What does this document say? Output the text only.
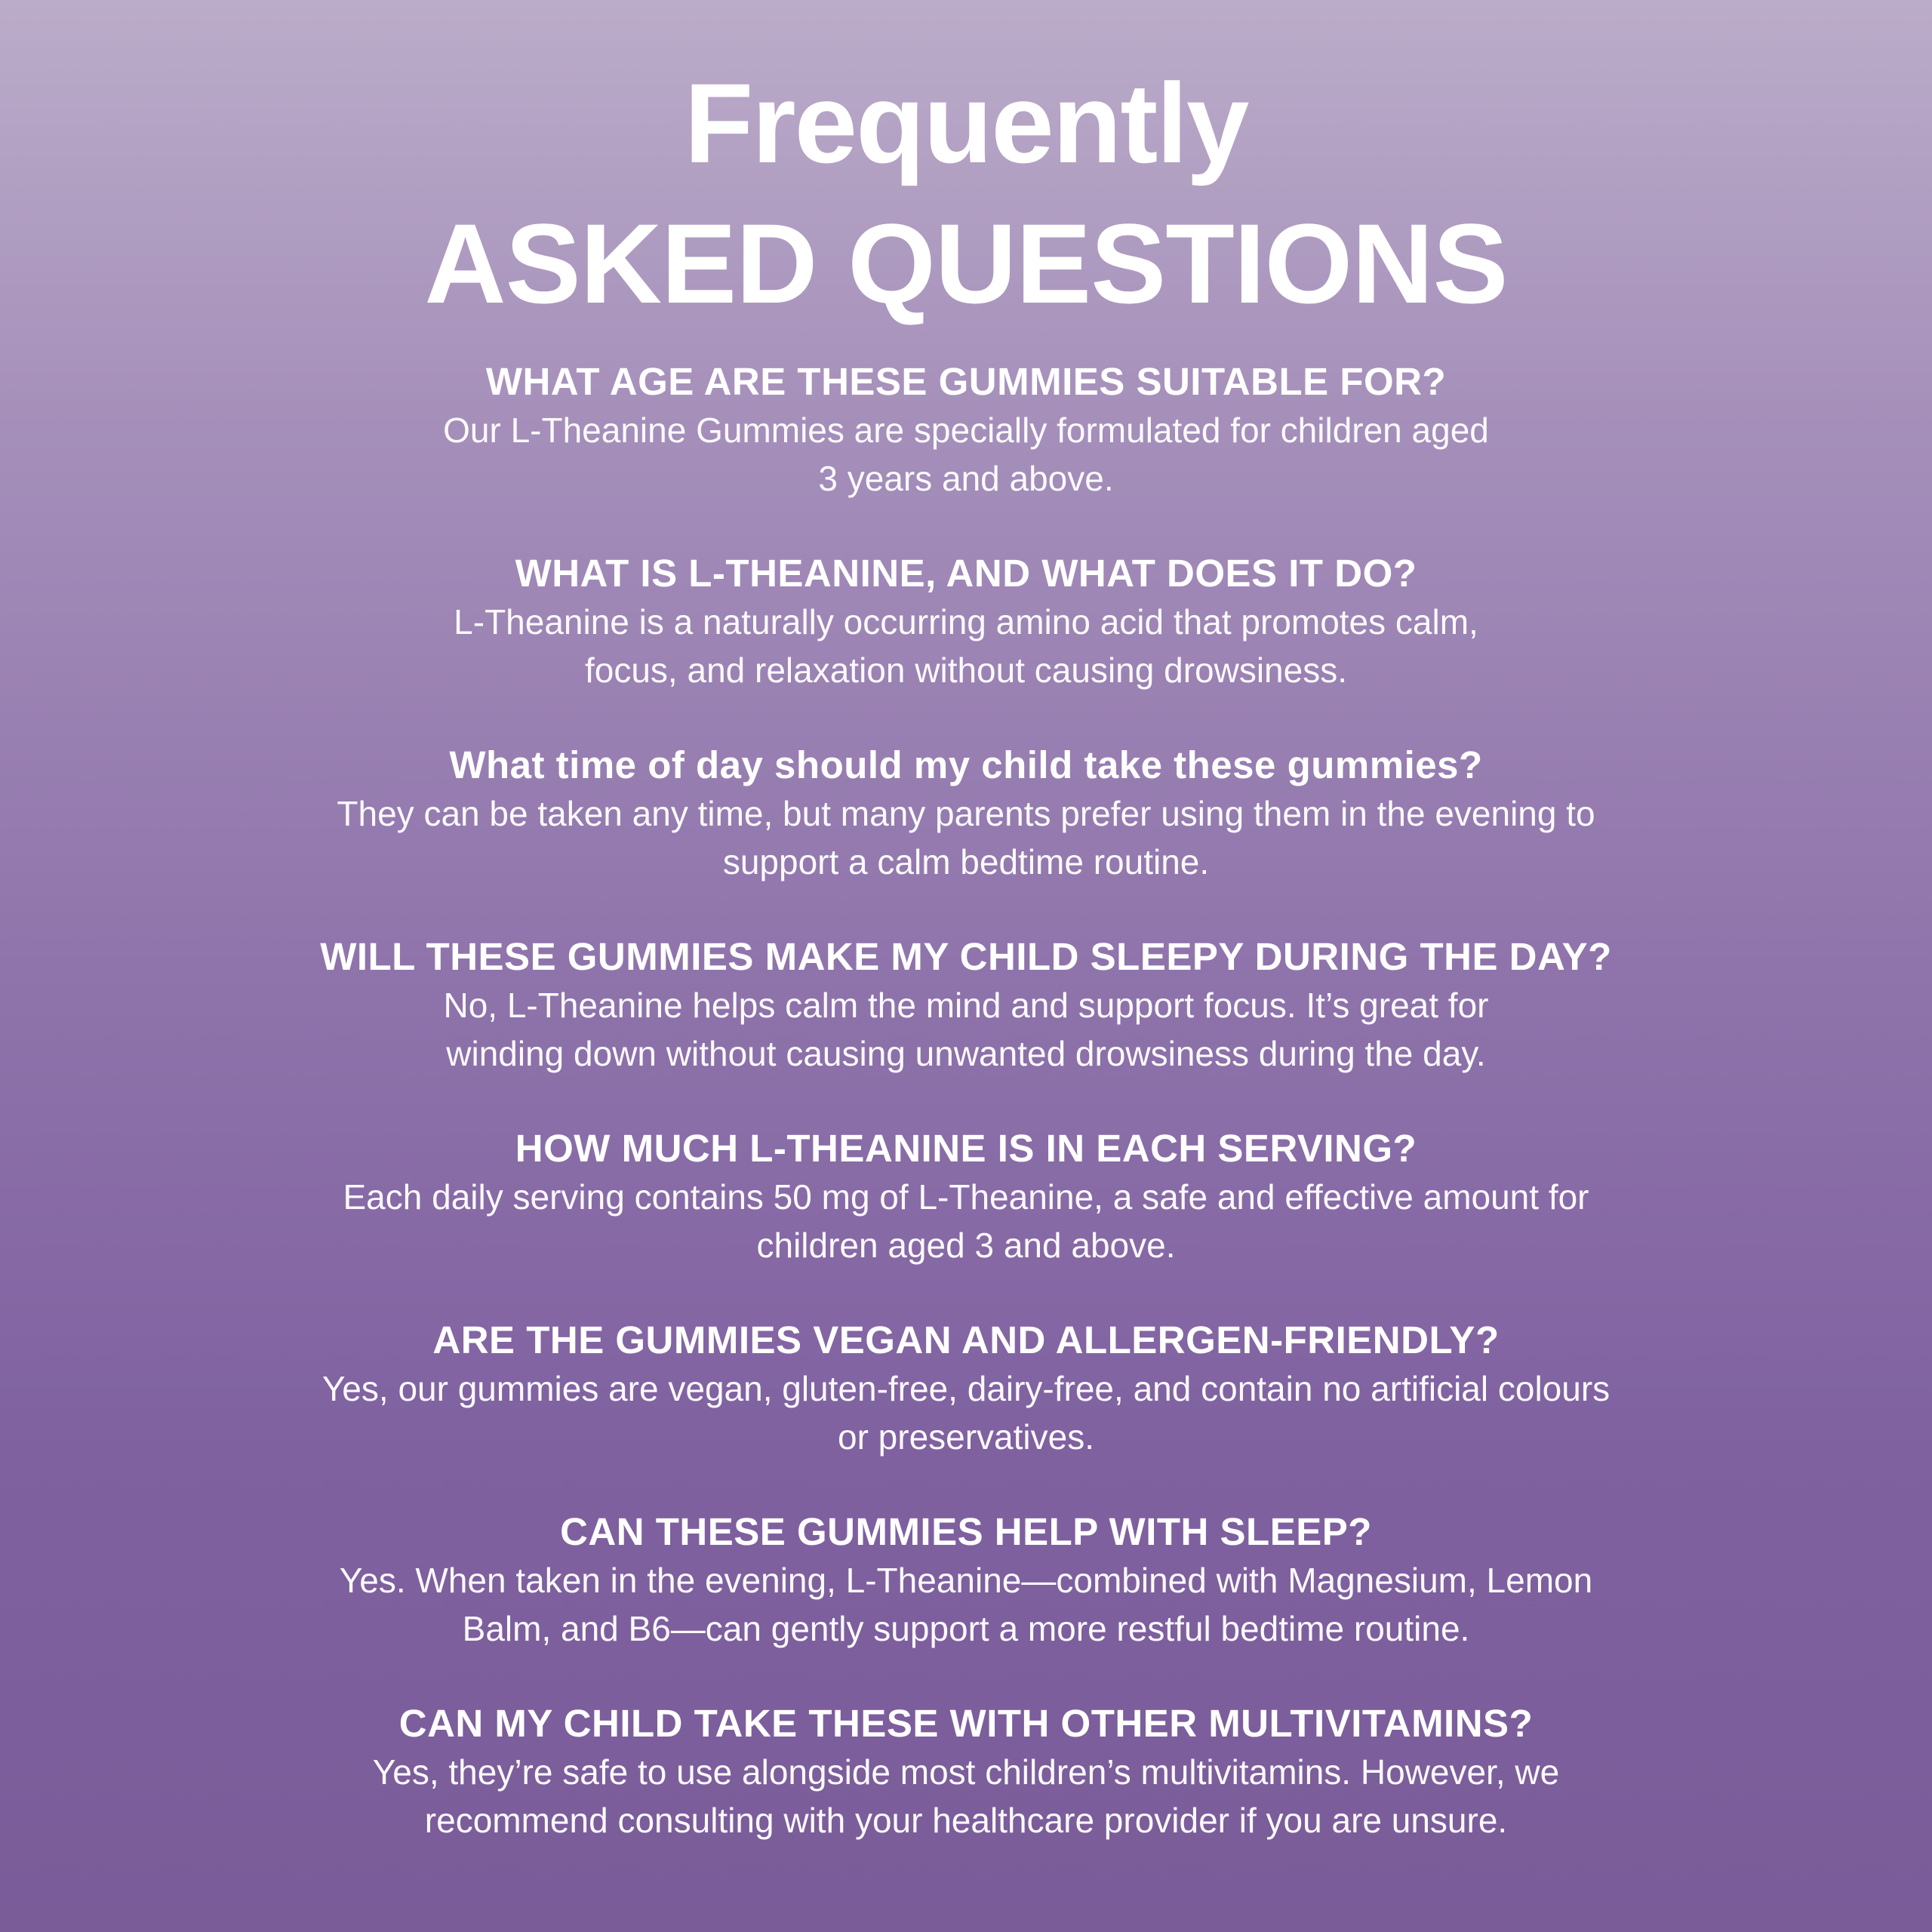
Frequently
ASKED QUESTIONS
WHAT AGE ARE THESE GUMMIES SUITABLE FOR?

Our L-Theanine Gummies are specially formulated for children aged
3 years and above.

WHAT IS L-THEANINE, AND WHAT DOES IT DO?

L-Theanine is a naturally occurring amino acid that promotes calm,
focus, and relaxation without causing drowsiness.

What time of day should my child take these gummies?

They can be taken any time, but many parents prefer using them in the evening to
support a calm bedtime routine.

WILL THESE GUMMIES MAKE MY CHILD SLEEPY DURING THE DAY?

No, L-Theanine helps calm the mind and support focus. It’s great for
winding down without causing unwanted drowsiness during the day.

HOW MUCH L-THEANINE IS IN EACH SERVING?

Each daily serving contains 50 mg of L-Theanine, a safe and effective amount for
children aged 3 and above.

ARE THE GUMMIES VEGAN AND ALLERGEN-FRIENDLY?

Yes, our gummies are vegan, gluten-free, dairy-free, and contain no artificial colours
or preservatives.

CAN THESE GUMMIES HELP WITH SLEEP?

Yes. When taken in the evening, L-Theanine—combined with Magnesium, Lemon
Balm, and B6—can gently support a more restful bedtime routine.

CAN MY CHILD TAKE THESE WITH OTHER MULTIVITAMINS?

Yes, they’re safe to use alongside most children’s multivitamins. However, we
recommend consulting with your healthcare provider if you are unsure.
